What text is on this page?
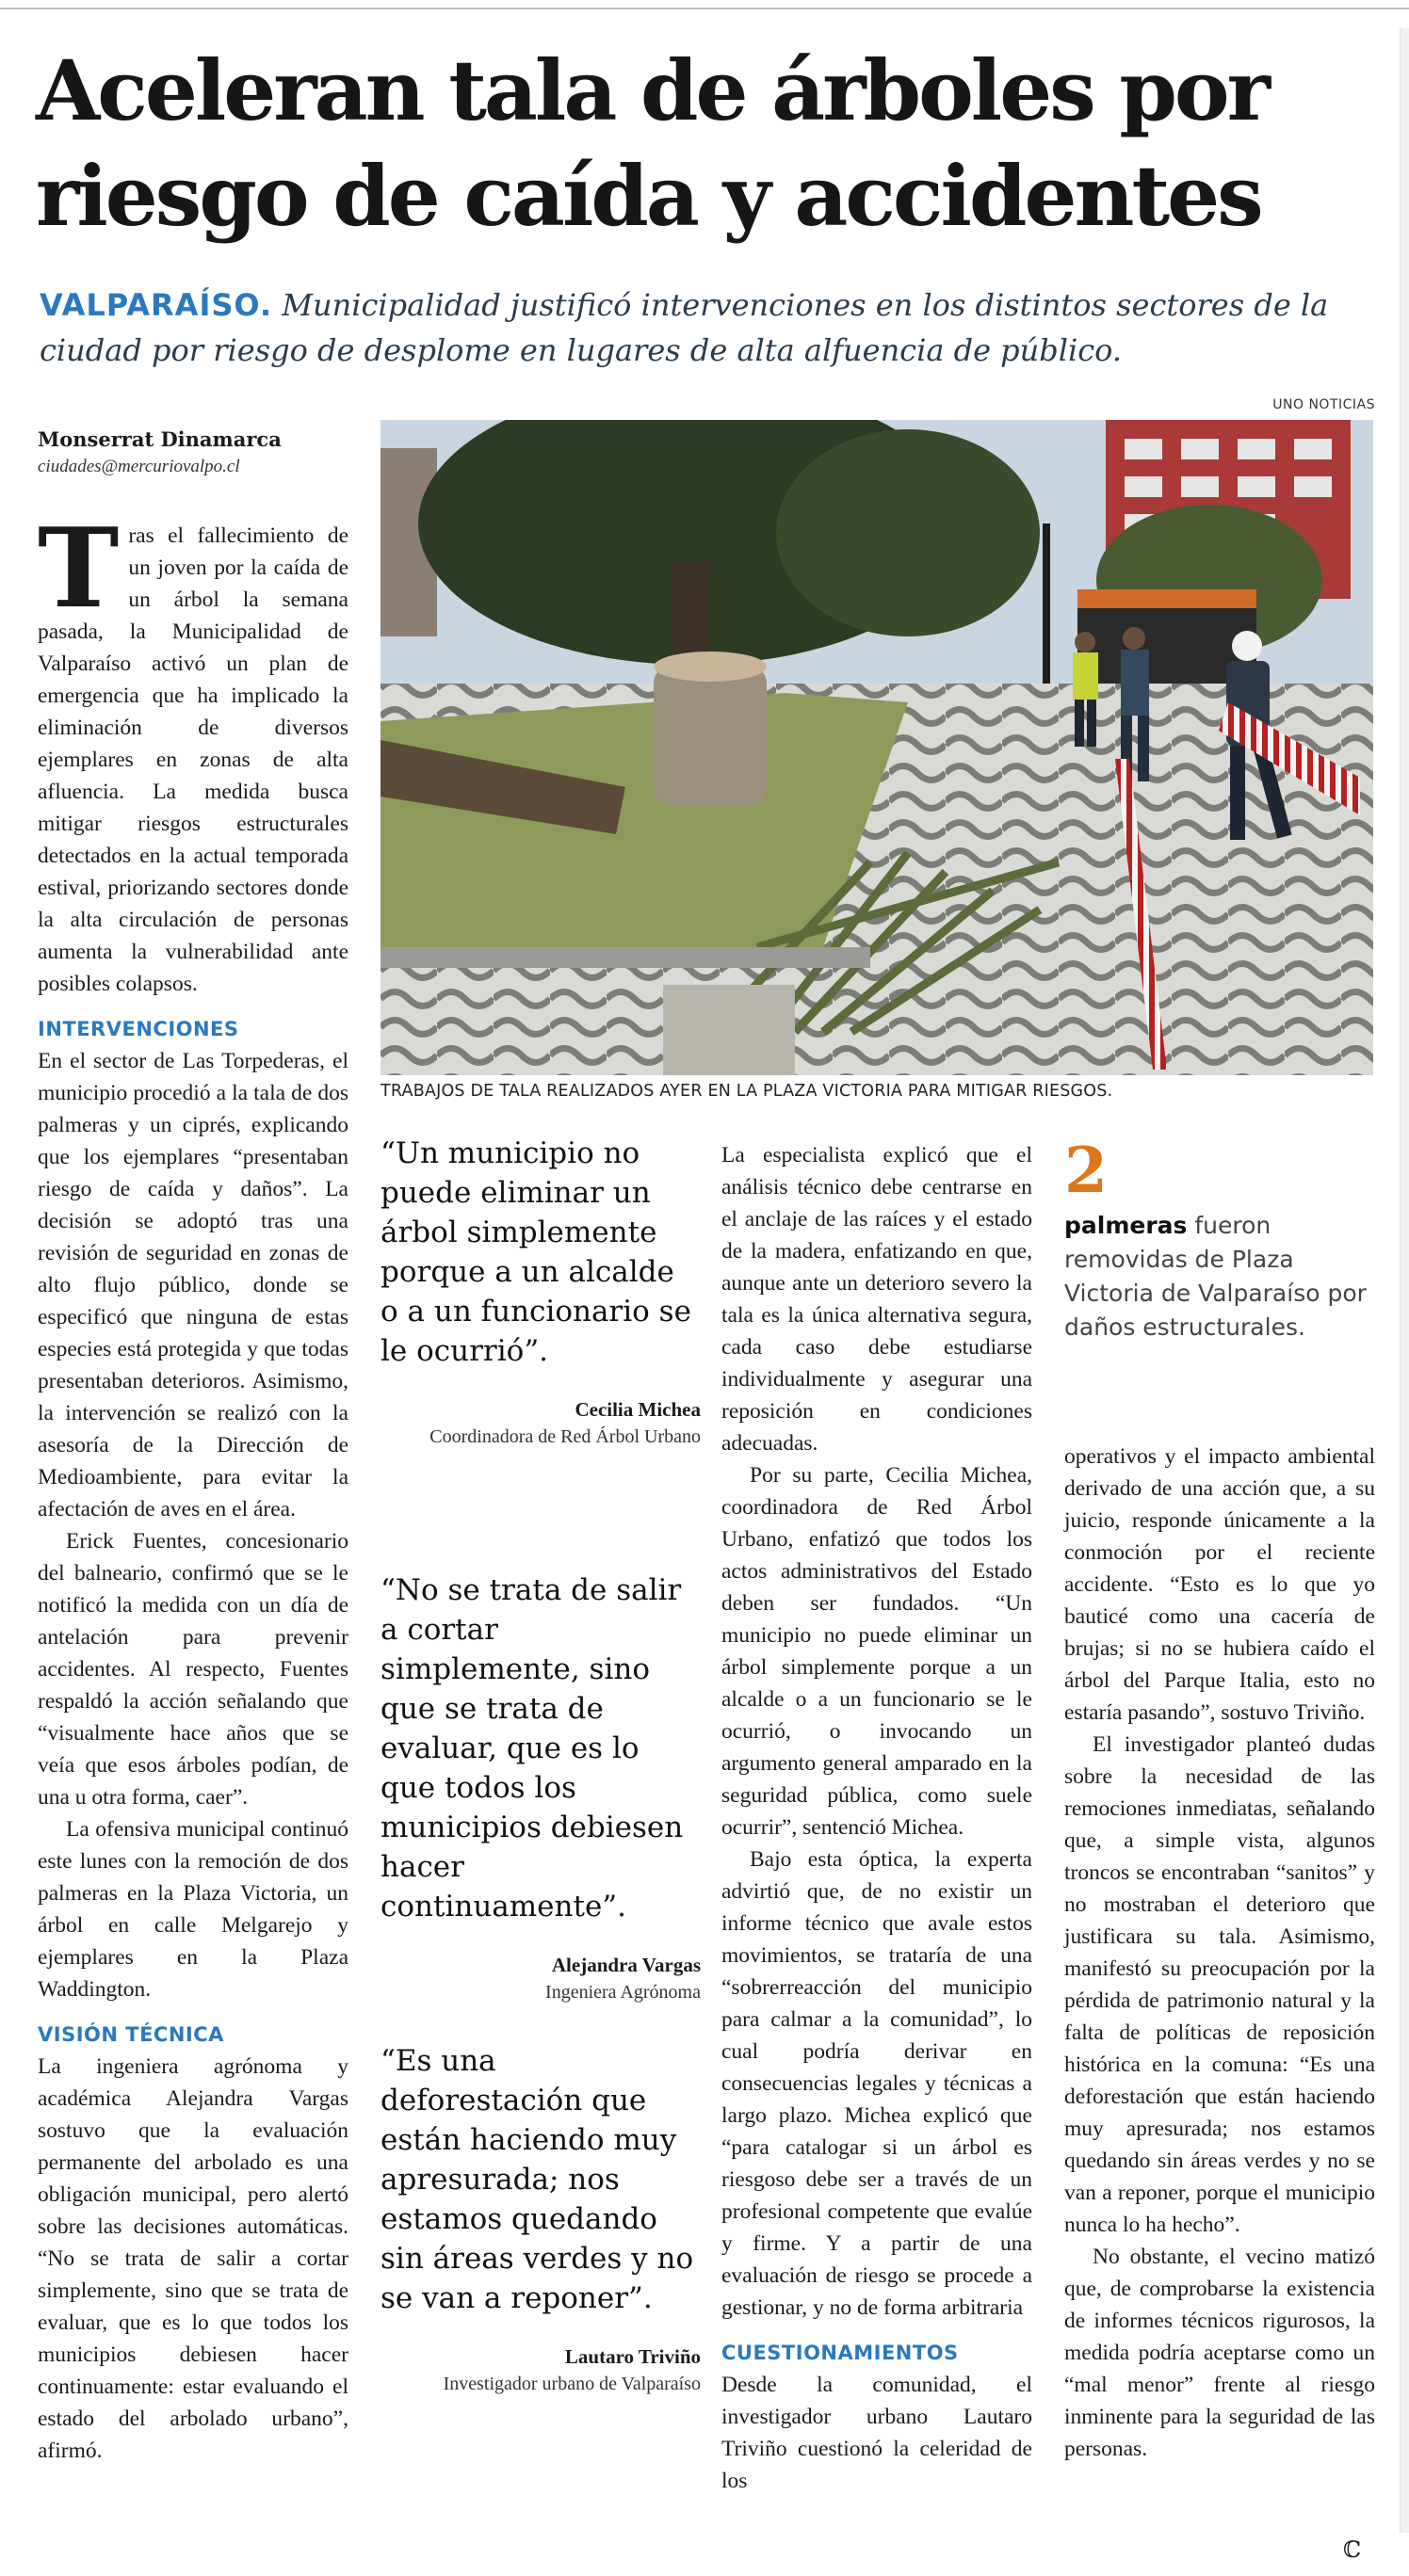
Aceleran tala de árboles por riesgo de caída y accidentes

VALPARAÍSO. Municipalidad justificó intervenciones en los distintos sectores de la ciudad por riesgo de desplome en lugares de alta alfuencia de público.

UNO NOTICIAS
Monserrat Dinamarca
ciudades@mercuriovalpo.cl
TRABAJOS DE TALA REALIZADOS AYER EN LA PLAZA VICTORIA PARA MITIGAR RIESGOS.

Tras el fallecimiento de un joven por la caída de un árbol la semana pasada, la Municipalidad de Valparaíso activó un plan de emergencia que ha implicado la eliminación de diversos ejemplares en zonas de alta afluencia. La medida busca mitigar riesgos estructurales detectados en la actual temporada estival, priorizando sectores donde la alta circulación de personas aumenta la vulnerabilidad ante posibles colapsos.

INTERVENCIONES

En el sector de Las Torpederas, el municipio procedió a la tala de dos palmeras y un ciprés, explicando que los ejemplares “presentaban riesgo de caída y daños”. La decisión se adoptó tras una revisión de seguridad en zonas de alto flujo público, donde se especificó que ninguna de estas especies está protegida y que todas presentaban deterioros. Asimismo, la intervención se realizó con la asesoría de la Dirección de Medioambiente, para evitar la afectación de aves en el área.

Erick Fuentes, concesionario del balneario, confirmó que se le notificó la medida con un día de antelación para prevenir accidentes. Al respecto, Fuentes respaldó la acción señalando que “visualmente hace años que se veía que esos árboles podían, de una u otra forma, caer”.

La ofensiva municipal continuó este lunes con la remoción de dos palmeras en la Plaza Victoria, un árbol en calle Melgarejo y ejemplares en la Plaza Waddington.

VISIÓN TÉCNICA

La ingeniera agrónoma y académica Alejandra Vargas sostuvo que la evaluación permanente del arbolado es una obligación municipal, pero alertó sobre las decisiones automáticas. “No se trata de salir a cortar simplemente, sino que se trata de evaluar, que es lo que todos los municipios debiesen hacer continuamente: estar evaluando el estado del arbolado urbano”, afirmó.

“Un municipio no puede eliminar un árbol simplemente porque a un alcalde o a un funcionario se le ocurrió”.

Cecilia Michea
Coordinadora de Red Árbol Urbano

“No se trata de salir a cortar simplemente, sino que se trata de evaluar, que es lo que todos los municipios debiesen hacer continuamente”.

Alejandra Vargas
Ingeniera Agrónoma

“Es una deforestación que están haciendo muy apresurada; nos estamos quedando sin áreas verdes y no se van a reponer”.

Lautaro Triviño
Investigador urbano de Valparaíso

La especialista explicó que el análisis técnico debe centrarse en el anclaje de las raíces y el estado de la madera, enfatizando en que, aunque ante un deterioro severo la tala es la única alternativa segura, cada caso debe estudiarse individualmente y asegurar una reposición en condiciones adecuadas.

Por su parte, Cecilia Michea, coordinadora de Red Árbol Urbano, enfatizó que todos los actos administrativos del Estado deben ser fundados. “Un municipio no puede eliminar un árbol simplemente porque a un alcalde o a un funcionario se le ocurrió, o invocando un argumento general amparado en la seguridad pública, como suele ocurrir”, sentenció Michea.

Bajo esta óptica, la experta advirtió que, de no existir un informe técnico que avale estos movimientos, se trataría de una “sobrerreacción del municipio para calmar a la comunidad”, lo cual podría derivar en consecuencias legales y técnicas a largo plazo. Michea explicó que “para catalogar si un árbol es riesgoso debe ser a través de un profesional competente que evalúe y firme. Y a partir de una evaluación de riesgo se procede a gestionar, y no de forma arbitraria

CUESTIONAMIENTOS

Desde la comunidad, el investigador urbano Lautaro Triviño cuestionó la celeridad de los

2
palmeras fueron removidas de Plaza Victoria de Valparaíso por daños estructurales.

operativos y el impacto ambiental derivado de una acción que, a su juicio, responde únicamente a la conmoción por el reciente accidente. “Esto es lo que yo bauticé como una cacería de brujas; si no se hubiera caído el árbol del Parque Italia, esto no estaría pasando”, sostuvo Triviño.

El investigador planteó dudas sobre la necesidad de las remociones inmediatas, señalando que, a simple vista, algunos troncos se encontraban “sanitos” y no mostraban el deterioro que justificara su tala. Asimismo, manifestó su preocupación por la pérdida de patrimonio natural y la falta de políticas de reposición histórica en la comuna: “Es una deforestación que están haciendo muy apresurada; nos estamos quedando sin áreas verdes y no se van a reponer, porque el municipio nunca lo ha hecho”.

No obstante, el vecino matizó que, de comprobarse la existencia de informes técnicos rigurosos, la medida podría aceptarse como un “mal menor” frente al riesgo inminente para la seguridad de las personas.

ℂ
